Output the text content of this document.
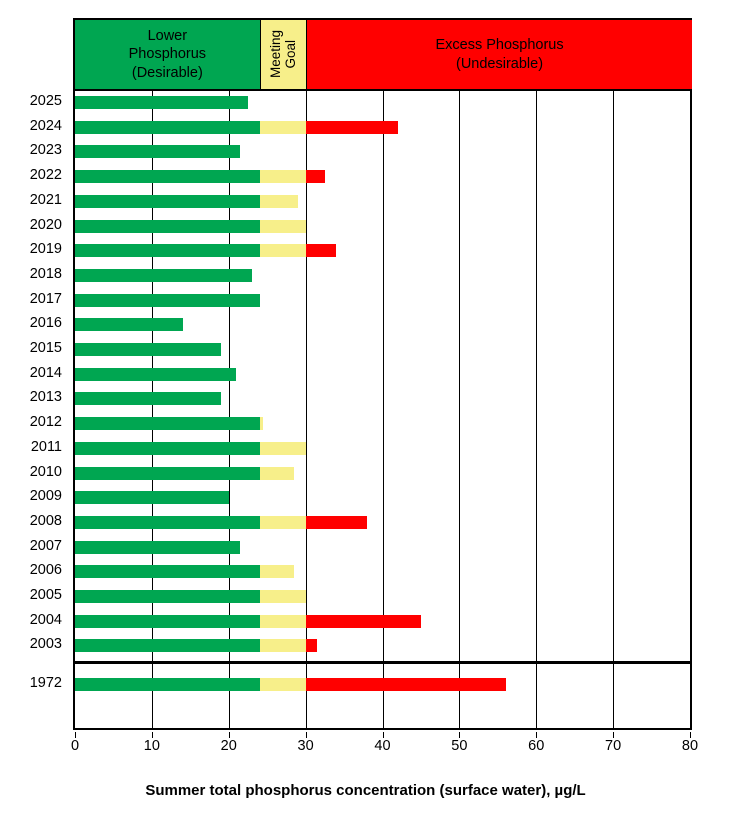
2025
2024
2023
2022
2021
2020
2019
2018
2017
2016
2015
2014
2013
2012
2011
2010
2009
2008
2007
2006
2005
2004
2003
1972
Lower
Phosphorus
(Desirable)	Meeting Goal	Excess Phosphorus
(Undesirable)
0	10	20	30	40	50	60	70	80
Summer total phosphorus concentration (surface water), µg/L
